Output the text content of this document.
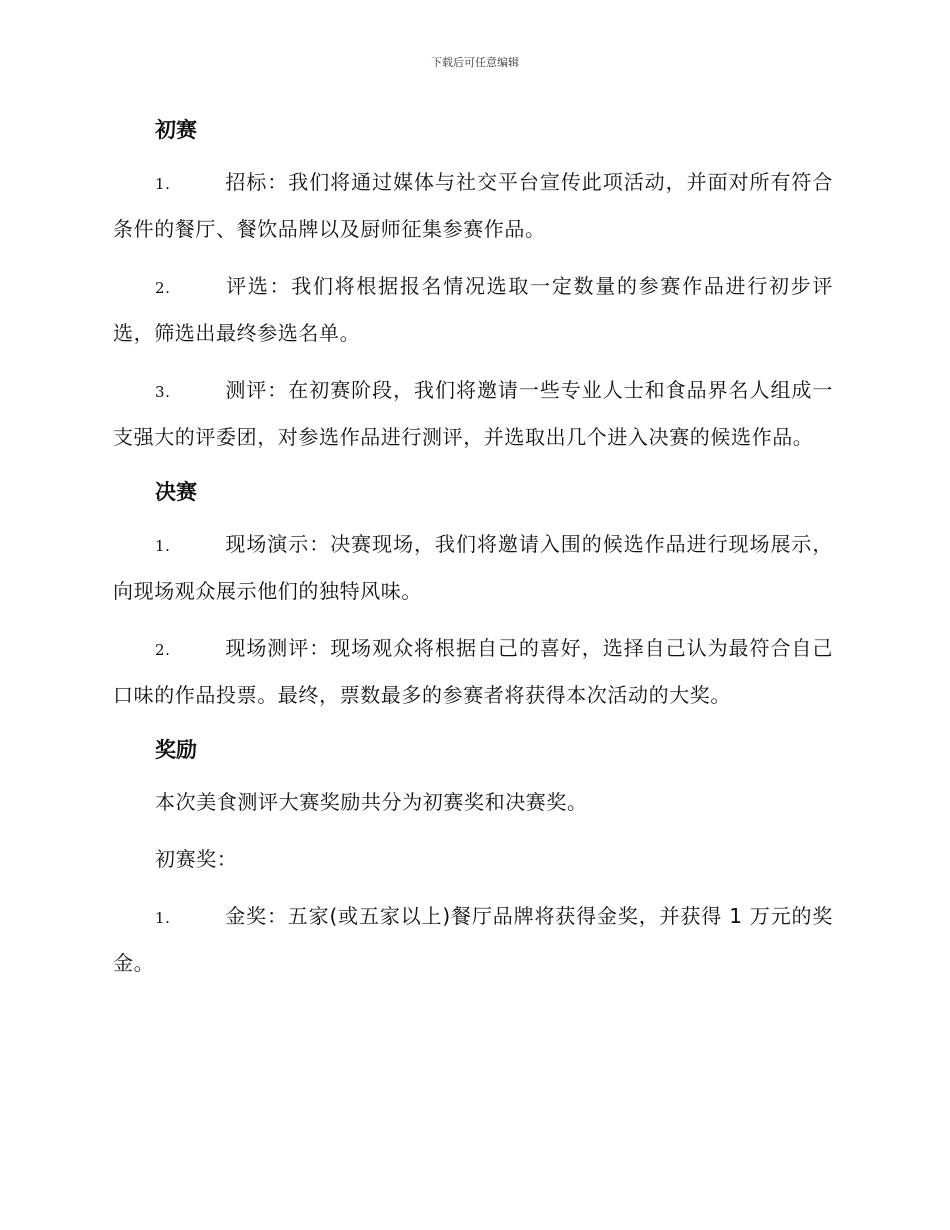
下载后可任意编辑
初赛

1.	招标：我们将通过媒体与社交平台宣传此项活动，并面对所有符合条件的餐厅、餐饮品牌以及厨师征集参赛作品。

2.	评选：我们将根据报名情况选取一定数量的参赛作品进行初步评选，筛选出最终参选名单。

3.	测评：在初赛阶段，我们将邀请一些专业人士和食品界名人组成一支强大的评委团，对参选作品进行测评，并选取出几个进入决赛的候选作品。

决赛

1.	现场演示：决赛现场，我们将邀请入围的候选作品进行现场展示，向现场观众展示他们的独特风味。

2.	现场测评：现场观众将根据自己的喜好，选择自己认为最符合自己口味的作品投票。最终，票数最多的参赛者将获得本次活动的大奖。

奖励

本次美食测评大赛奖励共分为初赛奖和决赛奖。

初赛奖：

1.	金奖：五家(或五家以上)餐厅品牌将获得金奖，并获得 1 万元的奖金。
